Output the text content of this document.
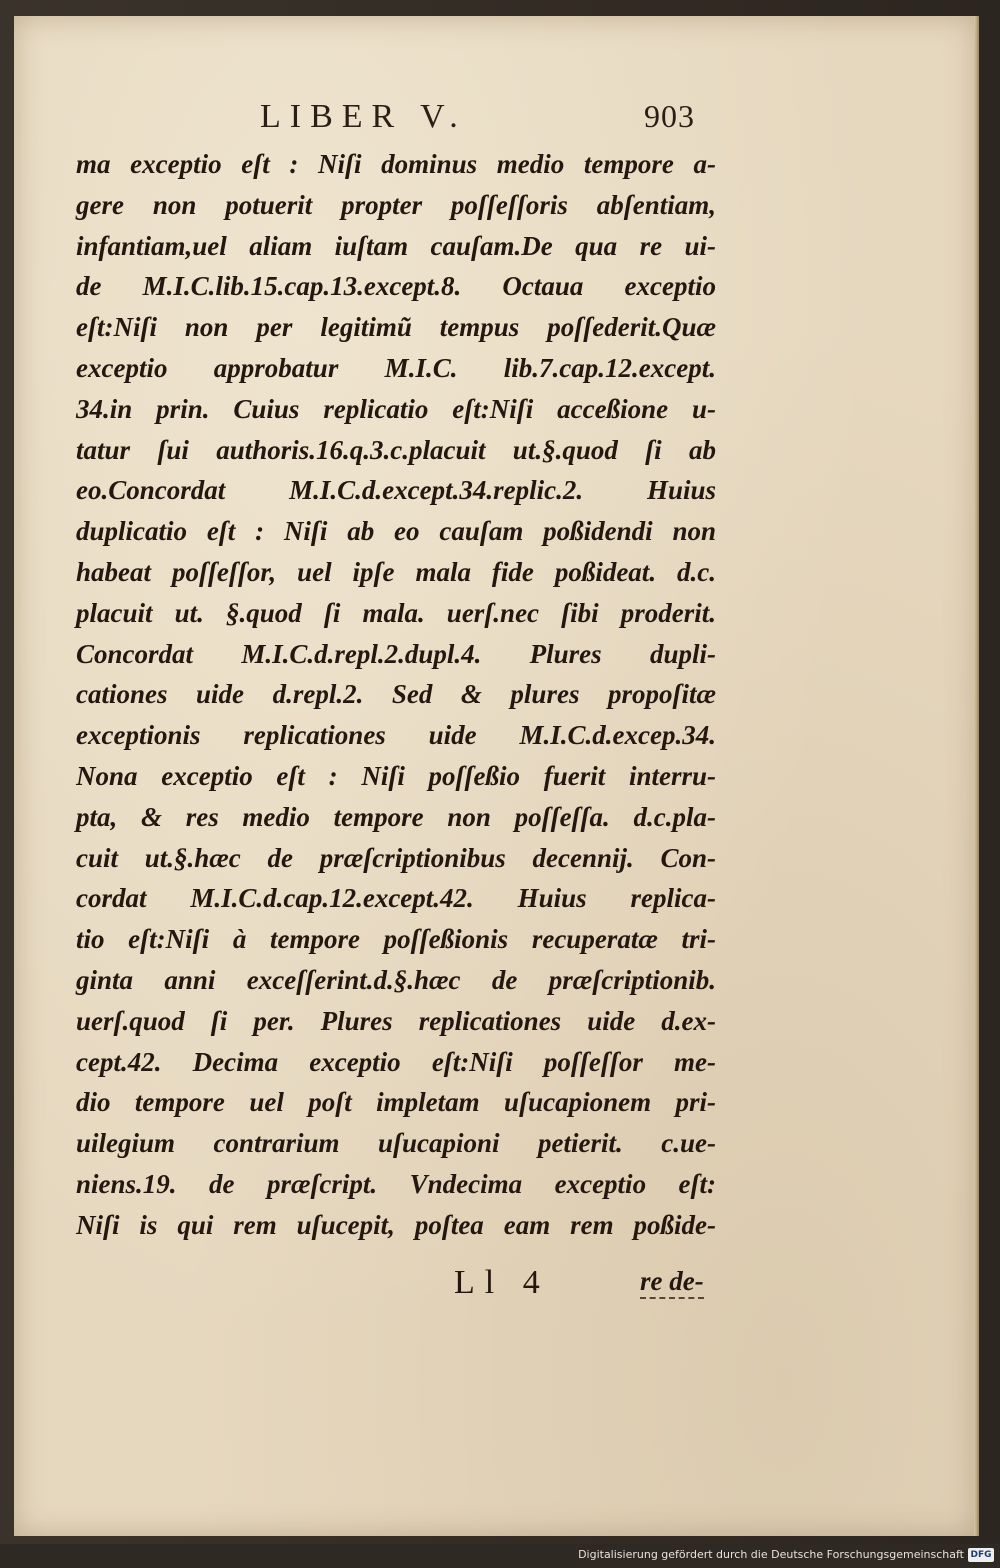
LIBER V.	903
ma exceptio eſt : Niſi dominus medio tempore a-
gere non potuerit propter poſſeſſoris abſentiam,
infantiam,uel aliam iuſtam cauſam.De qua re ui-
de M.I.C.lib.15.cap.13.except.8. Octaua exceptio
eſt:Niſi non per legitimũ tempus poſſederit.Quæ
exceptio approbatur M.I.C. lib.7.cap.12.except.
34.in prin. Cuius replicatio eſt:Niſi acceßione u-
tatur ſui authoris.16.q.3.c.placuit ut.§.quod ſi ab
eo.Concordat M.I.C.d.except.34.replic.2. Huius
duplicatio eſt : Niſi ab eo cauſam poßidendi non
habeat poſſeſſor, uel ipſe mala fide poßideat. d.c.
placuit ut. §.quod ſi mala. uerſ.nec ſibi proderit.
Concordat M.I.C.d.repl.2.dupl.4. Plures dupli-
cationes uide d.repl.2. Sed & plures propoſitæ
exceptionis replicationes uide M.I.C.d.excep.34.
Nona exceptio eſt : Niſi poſſeßio fuerit interru-
pta, & res medio tempore non poſſeſſa. d.c.pla-
cuit ut.§.hæc de præſcriptionibus decennij. Con-
cordat M.I.C.d.cap.12.except.42. Huius replica-
tio eſt:Niſi à tempore poſſeßionis recuperatæ tri-
ginta anni exceſſerint.d.§.hæc de præſcriptionib.
uerſ.quod ſi per. Plures replicationes uide d.ex-
cept.42. Decima exceptio eſt:Niſi poſſeſſor me-
dio tempore uel poſt impletam uſucapionem pri-
uilegium contrarium uſucapioni petierit. c.ue-
niens.19. de præſcript. Vndecima exceptio eſt:
Niſi is qui rem uſucepit, poſtea eam rem poßide-
Ll 4	re de-
Digitalisierung gefördert durch die Deutsche Forschungsgemeinschaft DFG
